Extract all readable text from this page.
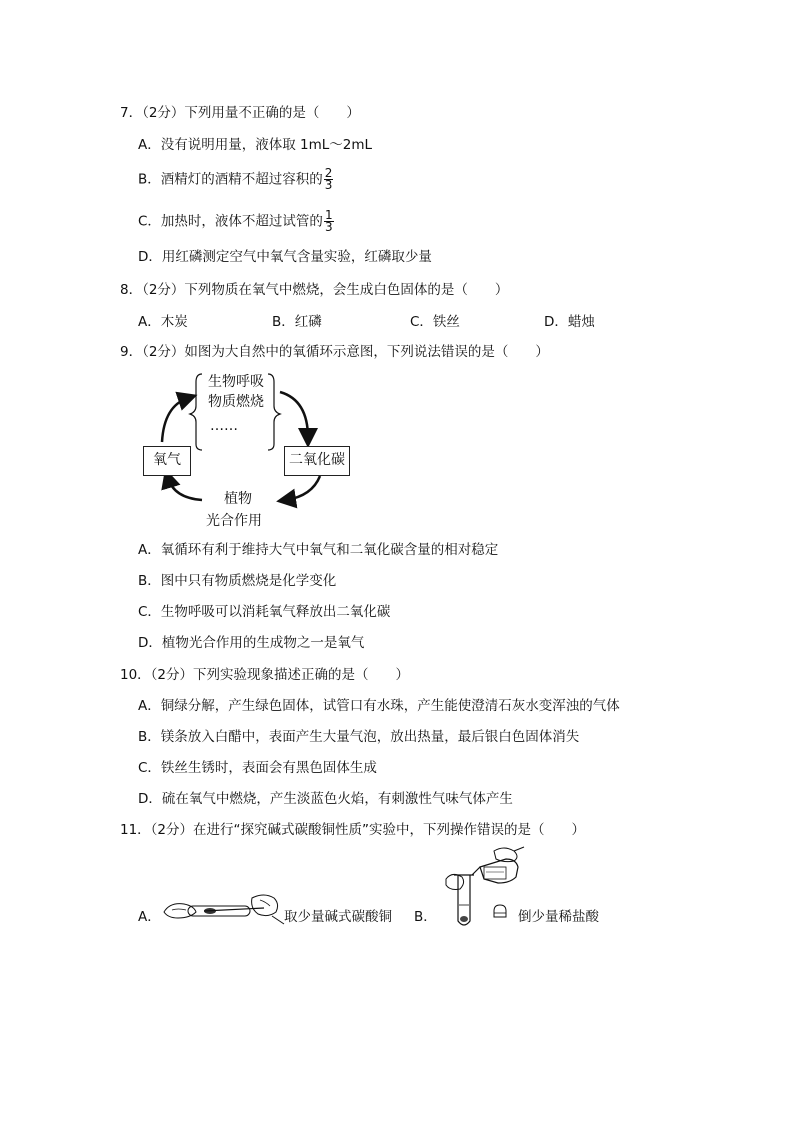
7．（2分）下列用量不正确的是（　　）
A．没有说明用量，液体取 1mL～2mL
B．酒精灯的酒精不超过容积的 $\frac{2}{3}$
C．加热时，液体不超过试管的 $\frac{1}{3}$
D．用红磷测定空气中氧气含量实验，红磷取少量
8．（2分）下列物质在氧气中燃烧，会生成白色固体的是（　　）
A．木炭	B．红磷	C．铁丝	D．蜡烛
9．（2分）如图为大自然中的氧循环示意图，下列说法错误的是（　　）
生物呼吸
物质燃烧
……
氧气	二氧化碳
植物
光合作用
A．氧循环有利于维持大气中氧气和二氧化碳含量的相对稳定
B．图中只有物质燃烧是化学变化
C．生物呼吸可以消耗氧气释放出二氧化碳
D．植物光合作用的生成物之一是氧气
10．（2分）下列实验现象描述正确的是（　　）
A．铜绿分解，产生绿色固体，试管口有水珠，产生能使澄清石灰水变浑浊的气体
B．镁条放入白醋中，表面产生大量气泡，放出热量，最后银白色固体消失
C．铁丝生锈时，表面会有黑色固体生成
D．硫在氧气中燃烧，产生淡蓝色火焰，有刺激性气味气体产生
11．（2分）在进行“探究碱式碳酸铜性质”实验中，下列操作错误的是（　　）
A．	取少量碱式碳酸铜 B．	倒少量稀盐酸
